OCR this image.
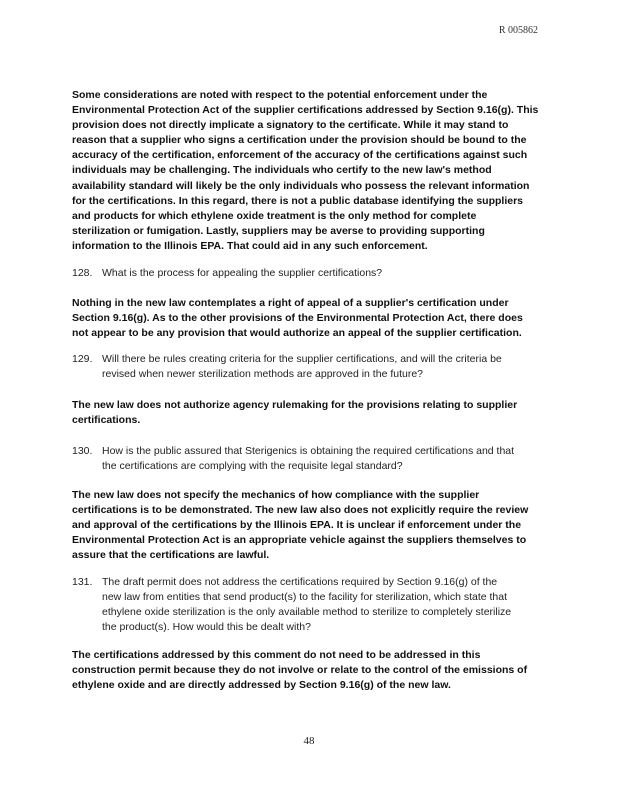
R 005862
Some considerations are noted with respect to the potential enforcement under the
Environmental Protection Act of the supplier certifications addressed by Section 9.16(g). This
provision does not directly implicate a signatory to the certificate. While it may stand to
reason that a supplier who signs a certification under the provision should be bound to the
accuracy of the certification, enforcement of the accuracy of the certifications against such
individuals may be challenging. The individuals who certify to the new law's method
availability standard will likely be the only individuals who possess the relevant information
for the certifications. In this regard, there is not a public database identifying the suppliers
and products for which ethylene oxide treatment is the only method for complete
sterilization or fumigation. Lastly, suppliers may be averse to providing supporting
information to the Illinois EPA. That could aid in any such enforcement.
128. What is the process for appealing the supplier certifications?
Nothing in the new law contemplates a right of appeal of a supplier's certification under
Section 9.16(g). As to the other provisions of the Environmental Protection Act, there does
not appear to be any provision that would authorize an appeal of the supplier certification.
129. Will there be rules creating criteria for the supplier certifications, and will the criteria be
revised when newer sterilization methods are approved in the future?
The new law does not authorize agency rulemaking for the provisions relating to supplier
certifications.
130. How is the public assured that Sterigenics is obtaining the required certifications and that
the certifications are complying with the requisite legal standard?
The new law does not specify the mechanics of how compliance with the supplier
certifications is to be demonstrated. The new law also does not explicitly require the review
and approval of the certifications by the Illinois EPA. It is unclear if enforcement under the
Environmental Protection Act is an appropriate vehicle against the suppliers themselves to
assure that the certifications are lawful.
131. The draft permit does not address the certifications required by Section 9.16(g) of the
new law from entities that send product(s) to the facility for sterilization, which state that
ethylene oxide sterilization is the only available method to sterilize to completely sterilize
the product(s). How would this be dealt with?
The certifications addressed by this comment do not need to be addressed in this
construction permit because they do not involve or relate to the control of the emissions of
ethylene oxide and are directly addressed by Section 9.16(g) of the new law.
48
